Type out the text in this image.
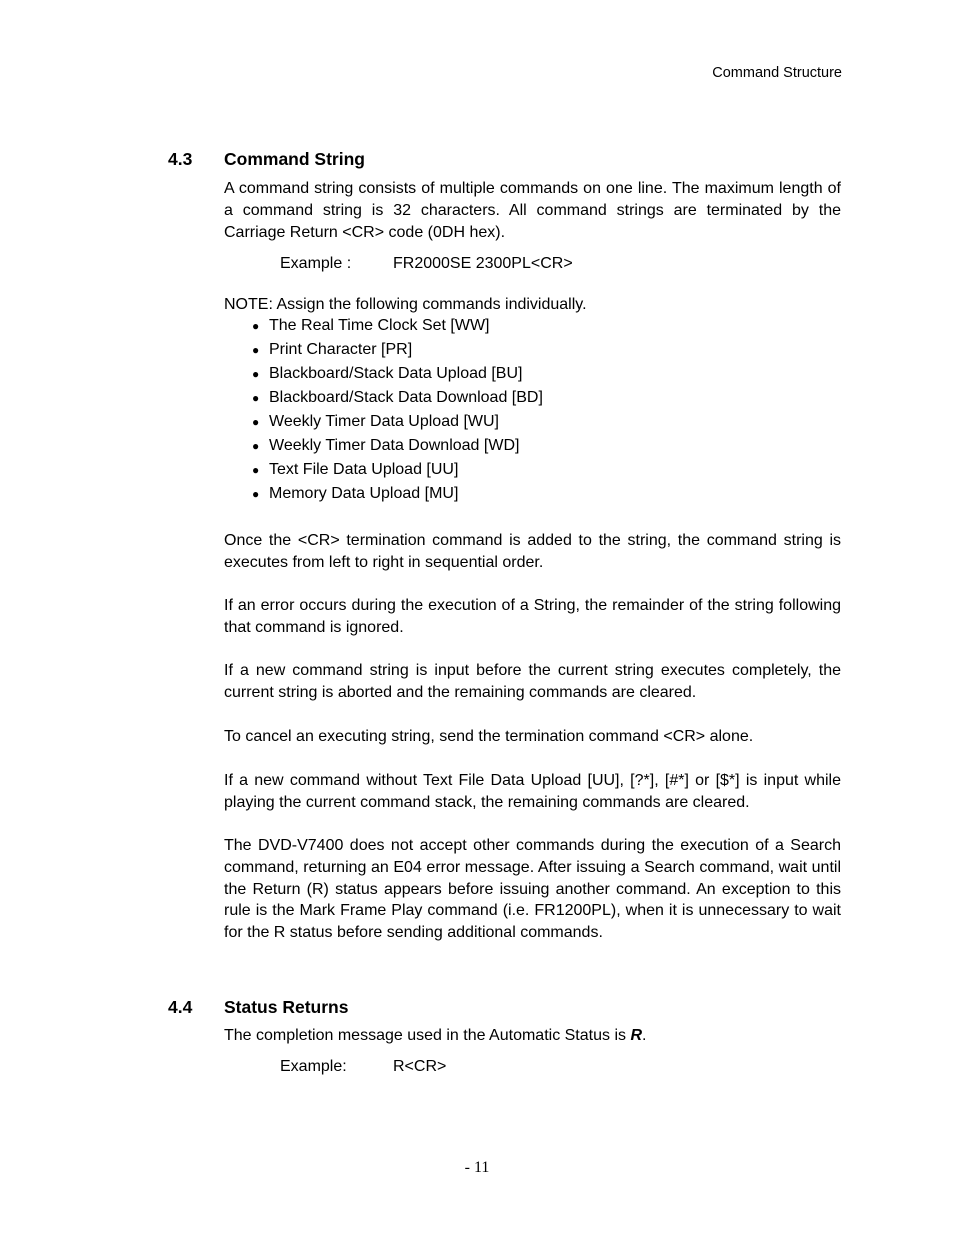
Command Structure
4.3 Command String
A command string consists of multiple commands on one line. The maximum length of a command string is 32 characters. All command strings are terminated by the Carriage Return <CR> code (0DH hex).
Example :	FR2000SE 2300PL<CR>
NOTE: Assign the following commands individually.
● The Real Time Clock Set [WW]
● Print Character [PR]
● Blackboard/Stack Data Upload [BU]
● Blackboard/Stack Data Download [BD]
● Weekly Timer Data Upload [WU]
● Weekly Timer Data Download [WD]
● Text File Data Upload [UU]
● Memory Data Upload [MU]
Once the <CR> termination command is added to the string, the command string is executes from left to right in sequential order.
If an error occurs during the execution of a String, the remainder of the string following that command is ignored.
If a new command string is input before the current string executes completely, the current string is aborted and the remaining commands are cleared.
To cancel an executing string, send the termination command <CR> alone.
If a new command without Text File Data Upload [UU], [?*], [#*] or [$*] is input while playing the current command stack, the remaining commands are cleared.
The DVD-V7400 does not accept other commands during the execution of a Search command, returning an E04 error message. After issuing a Search command, wait until the Return (R) status appears before issuing another command. An exception to this rule is the Mark Frame Play command (i.e. FR1200PL), when it is unnecessary to wait for the R status before sending additional commands.
4.4 Status Returns
The completion message used in the Automatic Status is R.
Example:	R<CR>
- 11
